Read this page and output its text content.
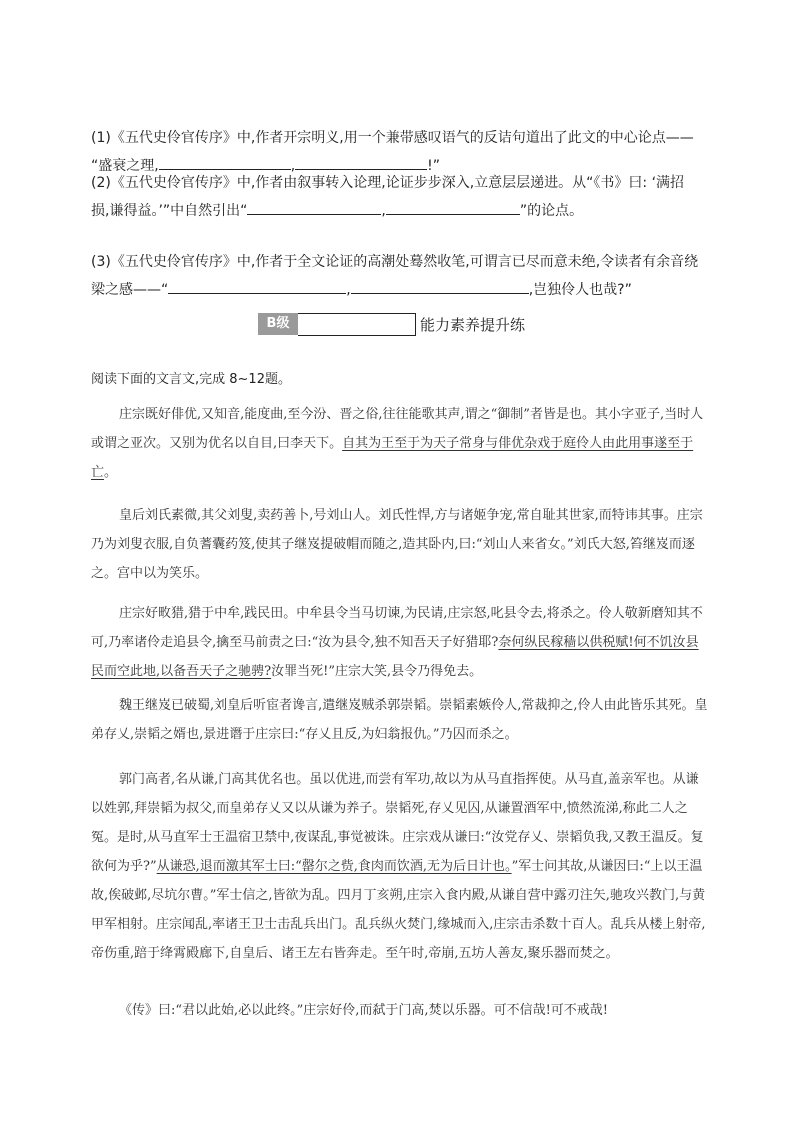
(1)《五代史伶官传序》中,作者开宗明义,用一个兼带感叹语气的反诘句道出了此文的中心论点——
“盛衰之理,	,	!”
(2)《五代史伶官传序》中,作者由叙事转入论理,论证步步深入,立意层层递进。从“《书》曰: ‘满招
损,谦得益。’”中自然引出“	,	”的论点。
(3)《五代史伶官传序》中,作者于全文论证的高潮处蓦然收笔,可谓言已尽而意未绝,令读者有余音绕
梁之感——“	,	,岂独伶人也哉?”
B级	能力素养提升练
阅读下面的文言文,完成 8~12题。
庄宗既好俳优,又知音,能度曲,至今汾、晋之俗,往往能歌其声,谓之“御制”者皆是也。其小字亚子,当时人或谓之亚次。又别为优名以自目,曰李天下。自其为王至于为天子常身与俳优杂戏于庭伶人由此用事遂至于亡。
皇后刘氏素微,其父刘叟,卖药善卜,号刘山人。刘氏性悍,方与诸姬争宠,常自耻其世家,而特讳其事。庄宗乃为刘叟衣服,自负蓍囊药笈,使其子继岌提破帽而随之,造其卧内,曰:“刘山人来省女。”刘氏大怒,笞继岌而逐之。宫中以为笑乐。
庄宗好畋猎,猎于中牟,践民田。中牟县令当马切谏,为民请,庄宗怒,叱县令去,将杀之。伶人敬新磨知其不可,乃率诸伶走追县令,擒至马前责之曰:“汝为县令,独不知吾天子好猎耶?奈何纵民稼穑以供税赋!何不饥汝县民而空此地,以备吾天子之驰骋?汝罪当死!”庄宗大笑,县令乃得免去。
魏王继岌已破蜀,刘皇后听宦者谗言,遣继岌贼杀郭崇韬。崇韬素嫉伶人,常裁抑之,伶人由此皆乐其死。皇弟存乂,崇韬之婿也,景进谮于庄宗曰:“存乂且反,为妇翁报仇。”乃囚而杀之。
郭门高者,名从谦,门高其优名也。虽以优进,而尝有军功,故以为从马直指挥使。从马直,盖亲军也。从谦以姓郭,拜崇韬为叔父,而皇弟存乂又以从谦为养子。崇韬死,存乂见囚,从谦置酒军中,愤然流涕,称此二人之冤。是时,从马直军士王温宿卫禁中,夜谋乱,事觉被诛。庄宗戏从谦曰:“汝党存乂、崇韬负我,又教王温反。复欲何为乎?”从谦恐,退而激其军士曰:“罄尔之赀,食肉而饮酒,无为后日计也。”军士问其故,从谦因曰:“上以王温故,俟破邺,尽坑尔曹。”军士信之,皆欲为乱。四月丁亥朔,庄宗入食内殿,从谦自营中露刃注矢,驰攻兴教门,与黄甲军相射。庄宗闻乱,率诸王卫士击乱兵出门。乱兵纵火焚门,缘城而入,庄宗击杀数十百人。乱兵从楼上射帝,帝伤重,踣于绛霄殿廊下,自皇后、诸王左右皆奔走。至午时,帝崩,五坊人善友,聚乐器而焚之。
《传》曰:“君以此始,必以此终。”庄宗好伶,而弑于门高,焚以乐器。可不信哉!可不戒哉!
